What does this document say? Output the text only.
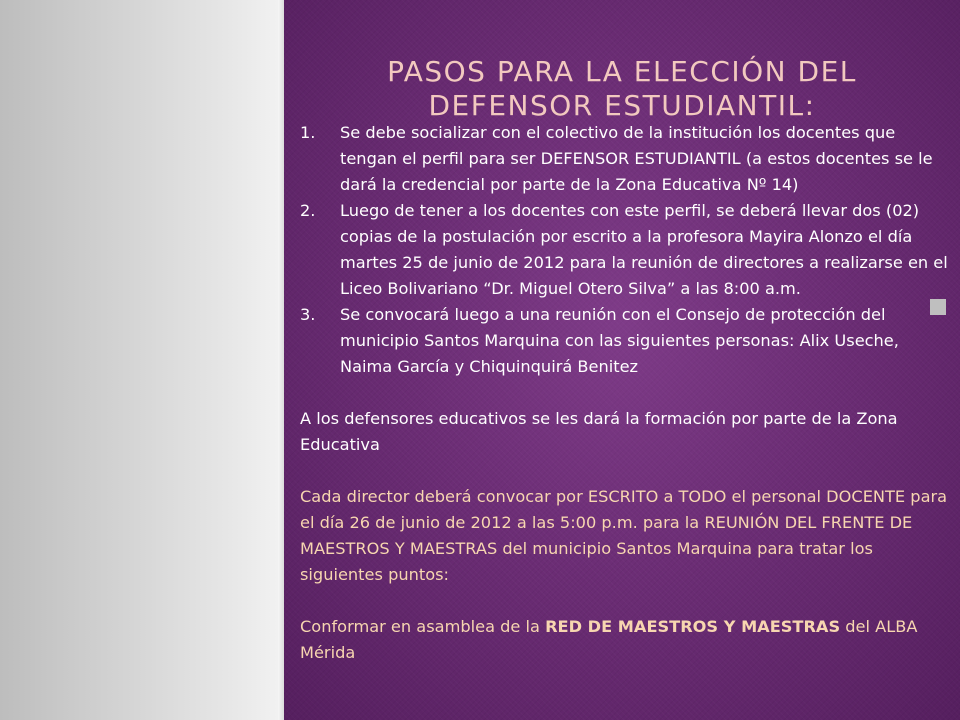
PASOS PARA LA ELECCIÓN DEL
DEFENSOR ESTUDIANTIL:
1. Se debe socializar con el colectivo de la institución los docentes que tengan el perfil para ser DEFENSOR ESTUDIANTIL (a estos docentes se le dará la credencial por parte de la Zona Educativa Nº 14)
2. Luego de tener a los docentes con este perfil, se deberá llevar dos (02) copias de la postulación por escrito a la profesora Mayira Alonzo el día martes 25 de junio de 2012 para la reunión de directores a realizarse en el Liceo Bolivariano “Dr. Miguel Otero Silva” a las 8:00 a.m.
3. Se convocará luego a una reunión con el Consejo de protección del municipio Santos Marquina con las siguientes personas: Alix Useche, Naima García y Chiquinquirá Benitez

A los defensores educativos se les dará la formación por parte de la Zona Educativa

Cada director deberá convocar por ESCRITO a TODO el personal DOCENTE para el día 26 de junio de 2012 a las 5:00 p.m. para la REUNIÓN DEL FRENTE DE MAESTROS Y MAESTRAS del municipio Santos Marquina para tratar los siguientes puntos:

Conformar en asamblea de la RED DE MAESTROS Y MAESTRAS del ALBA Mérida
